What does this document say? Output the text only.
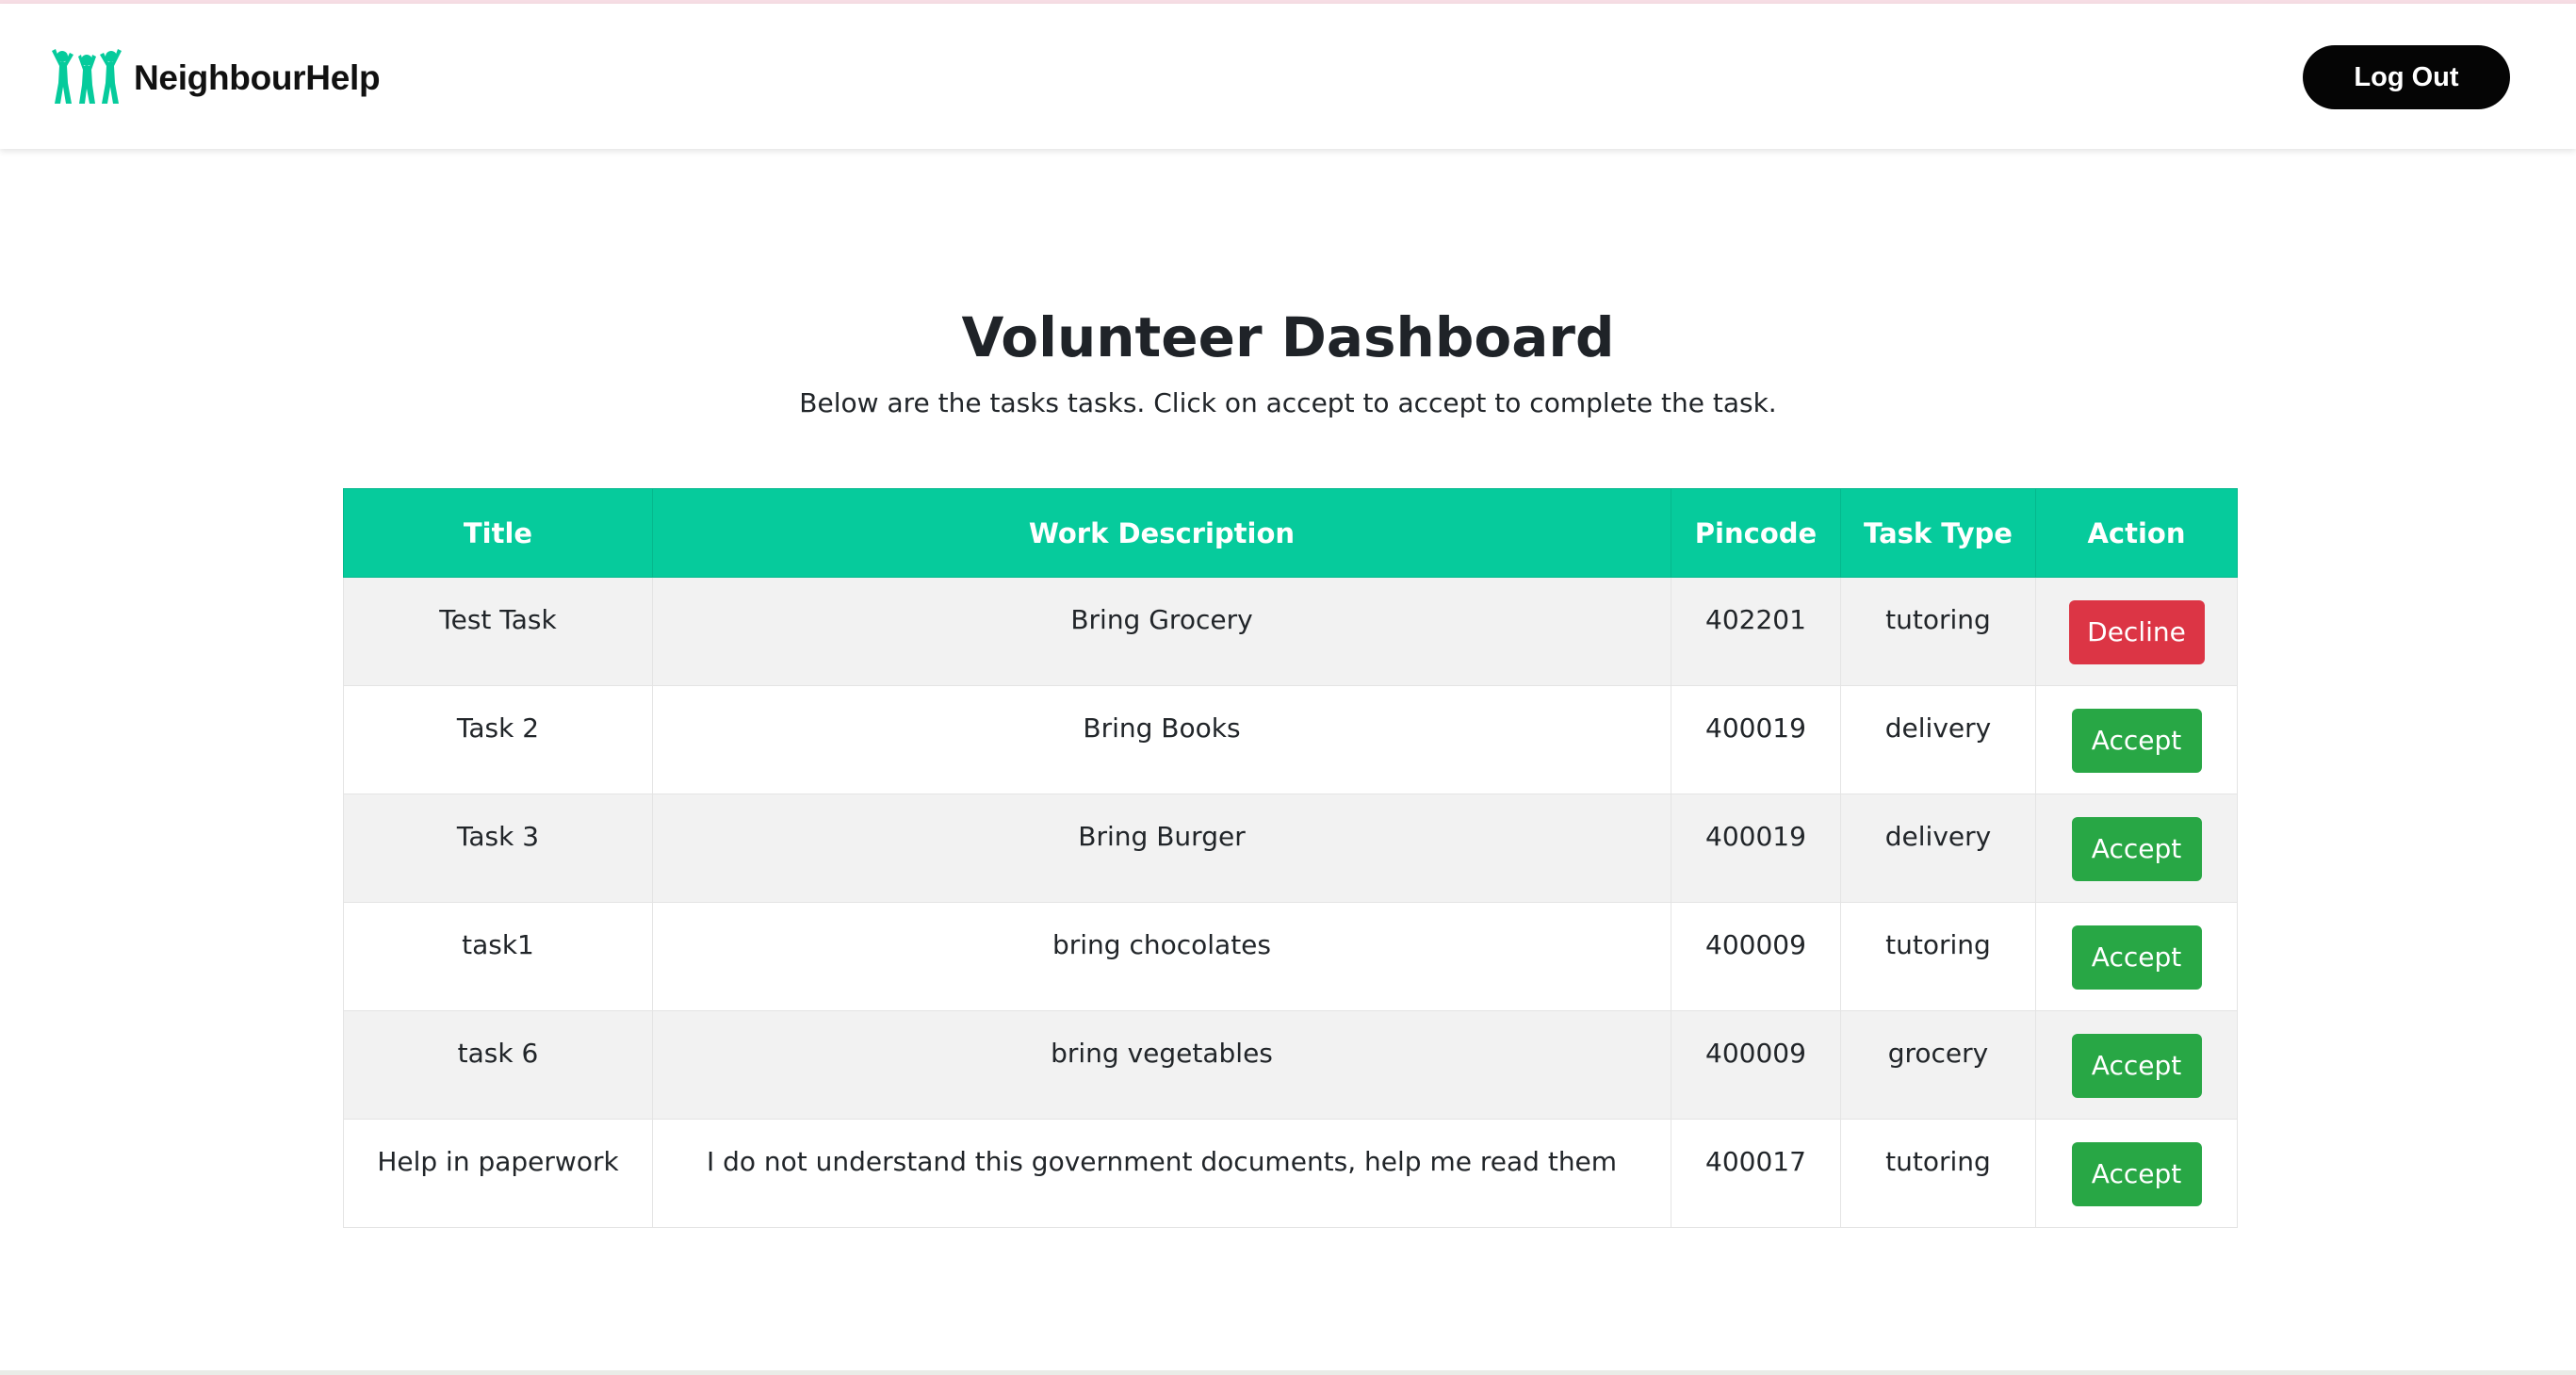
NeighbourHelp	Log Out
Volunteer Dashboard

Below are the tasks tasks. Click on accept to accept to complete the task.

Title	Work Description	Pincode	Task Type	Action
Test Task	Bring Grocery	402201	tutoring	Decline
Task 2	Bring Books	400019	delivery	Accept
Task 3	Bring Burger	400019	delivery	Accept
task1	bring chocolates	400009	tutoring	Accept
task 6	bring vegetables	400009	grocery	Accept
Help in paperwork	I do not understand this government documents, help me read them	400017	tutoring	Accept
